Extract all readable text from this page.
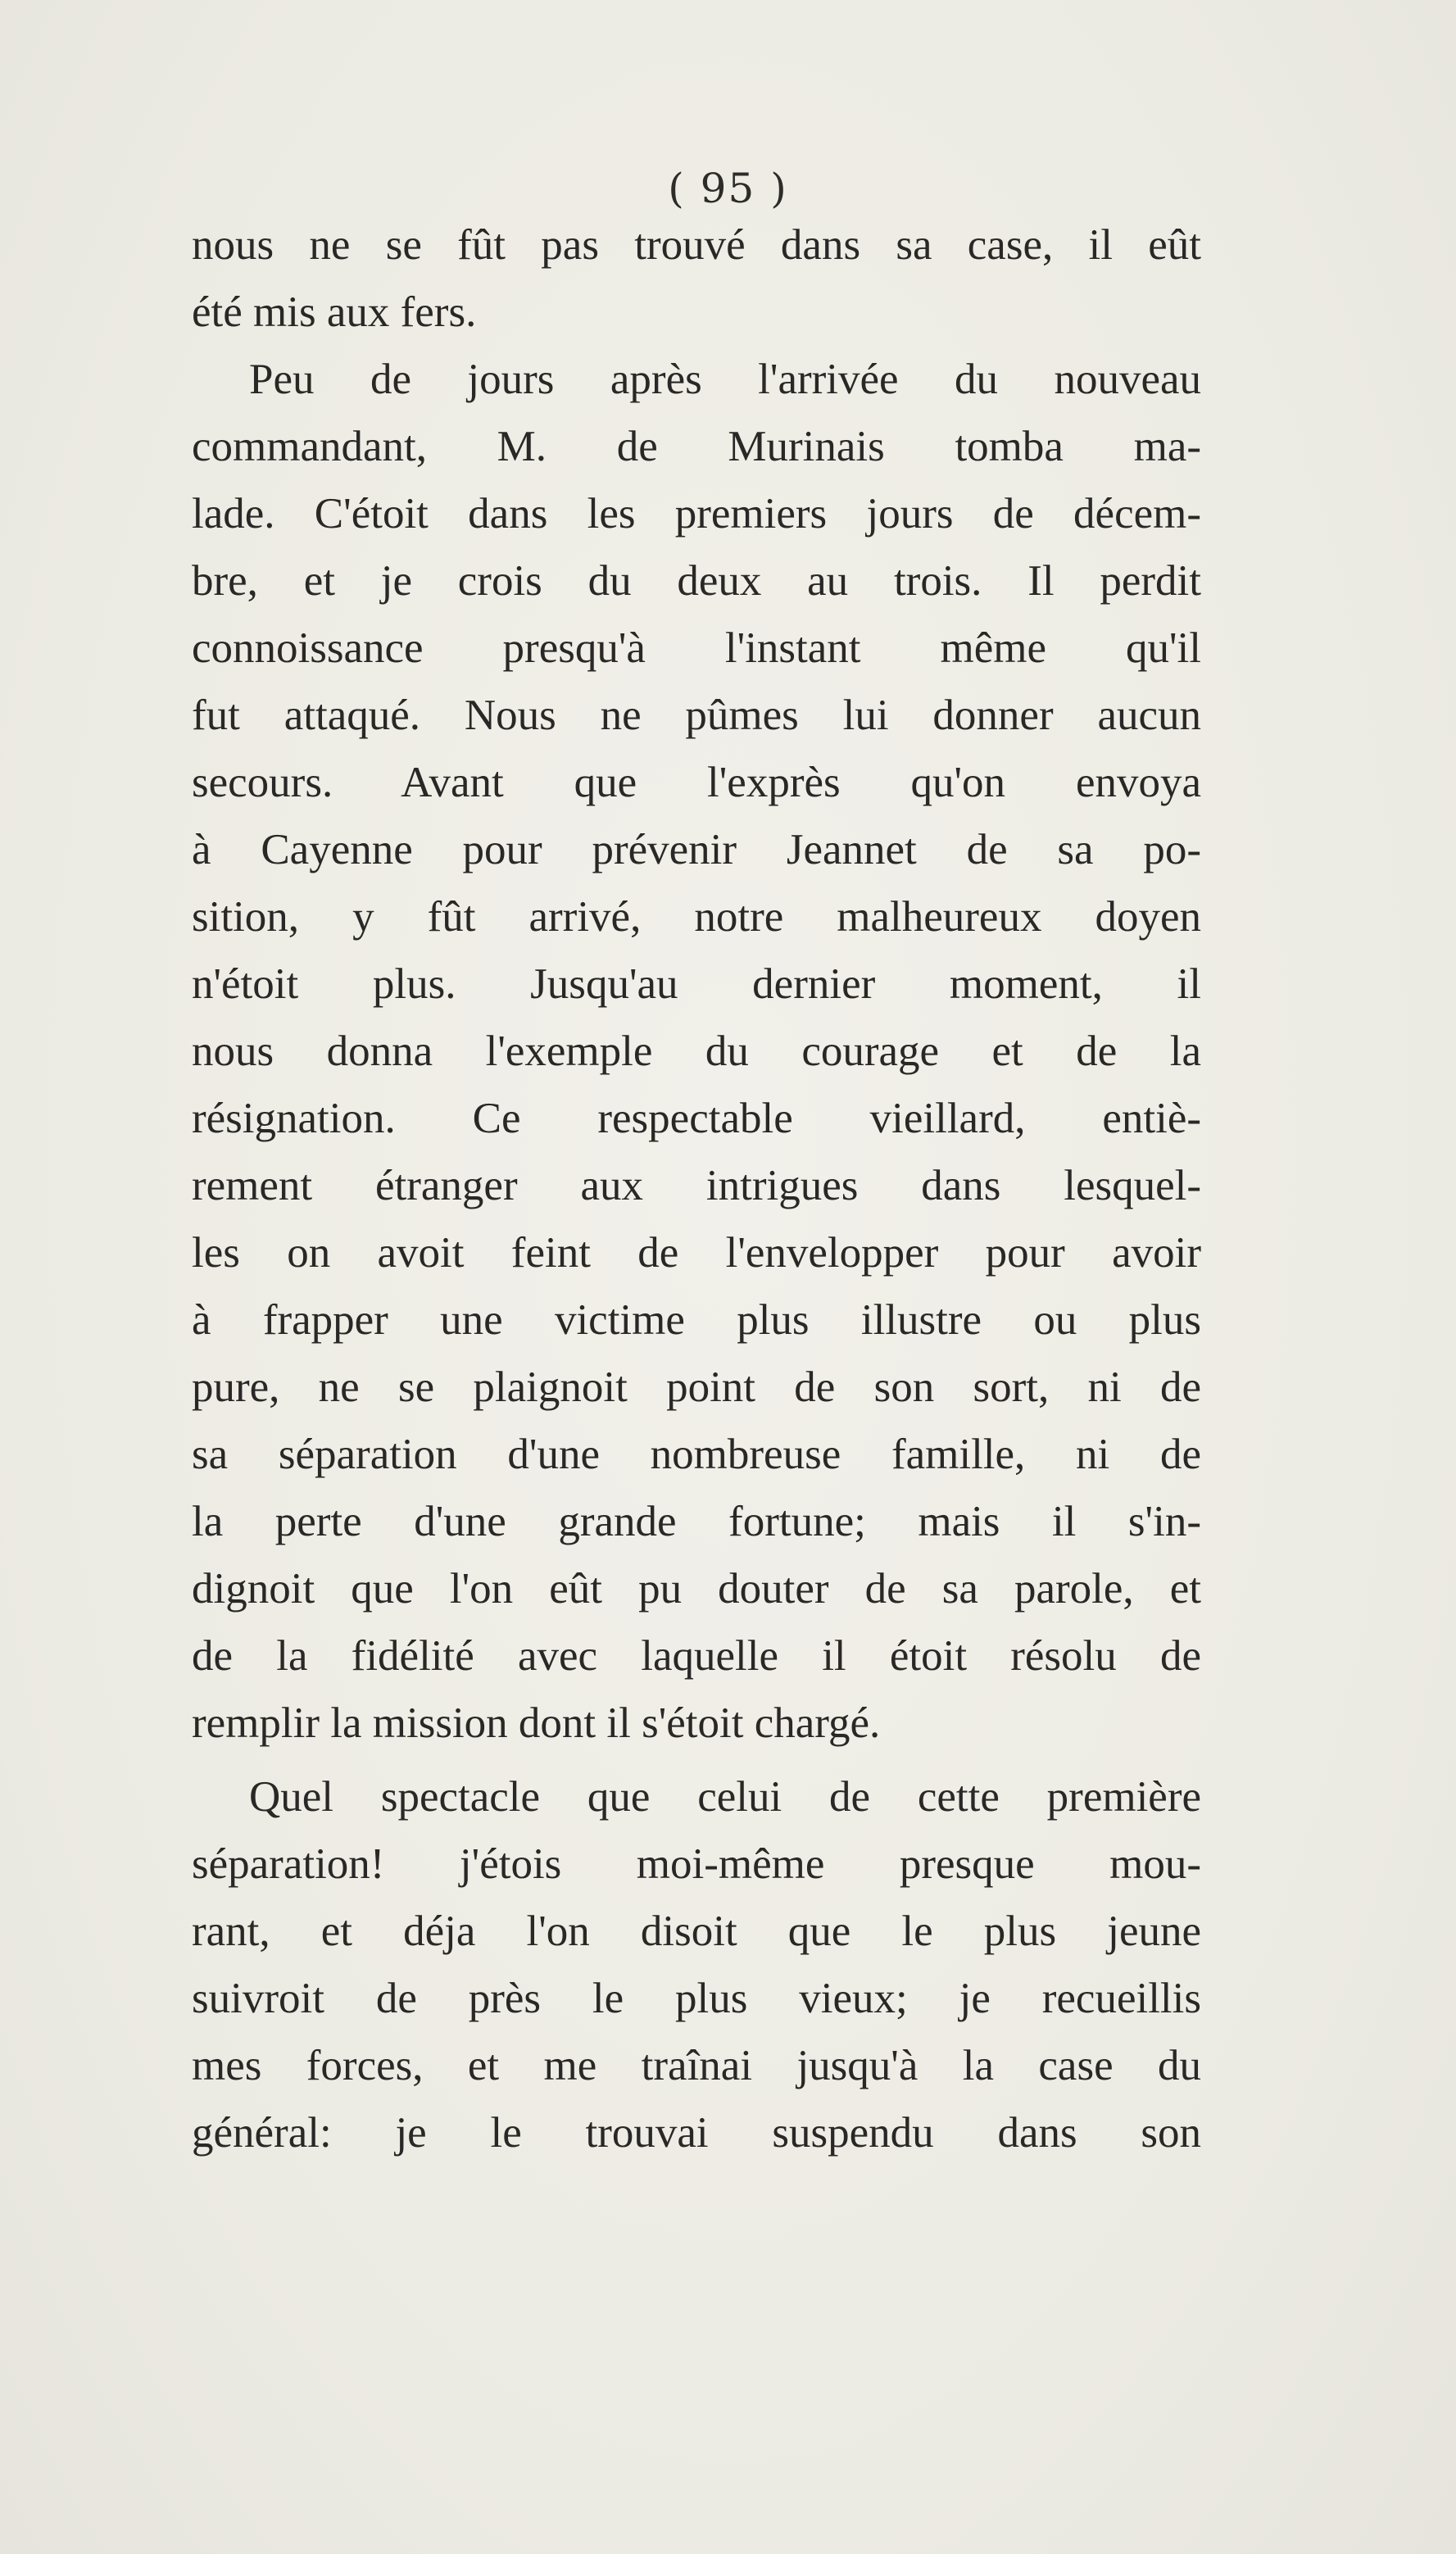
( 95 )
nous ne se fût pas trouvé dans sa case, il eût
été mis aux fers.
Peu de jours après l'arrivée du nouveau
commandant, M. de Murinais tomba ma-
lade. C'étoit dans les premiers jours de décem-
bre, et je crois du deux au trois. Il perdit
connoissance presqu'à l'instant même qu'il
fut attaqué. Nous ne pûmes lui donner aucun
secours. Avant que l'exprès qu'on envoya
à Cayenne pour prévenir Jeannet de sa po-
sition, y fût arrivé, notre malheureux doyen
n'étoit plus. Jusqu'au dernier moment, il
nous donna l'exemple du courage et de la
résignation. Ce respectable vieillard, entiè-
rement étranger aux intrigues dans lesquel-
les on avoit feint de l'envelopper pour avoir
à frapper une victime plus illustre ou plus
pure, ne se plaignoit point de son sort, ni de
sa séparation d'une nombreuse famille, ni de
la perte d'une grande fortune; mais il s'in-
dignoit que l'on eût pu douter de sa parole, et
de la fidélité avec laquelle il étoit résolu de
remplir la mission dont il s'étoit chargé.
Quel spectacle que celui de cette première
séparation! j'étois moi-même presque mou-
rant, et déja l'on disoit que le plus jeune
suivroit de près le plus vieux; je recueillis
mes forces, et me traînai jusqu'à la case du
général: je le trouvai suspendu dans son
